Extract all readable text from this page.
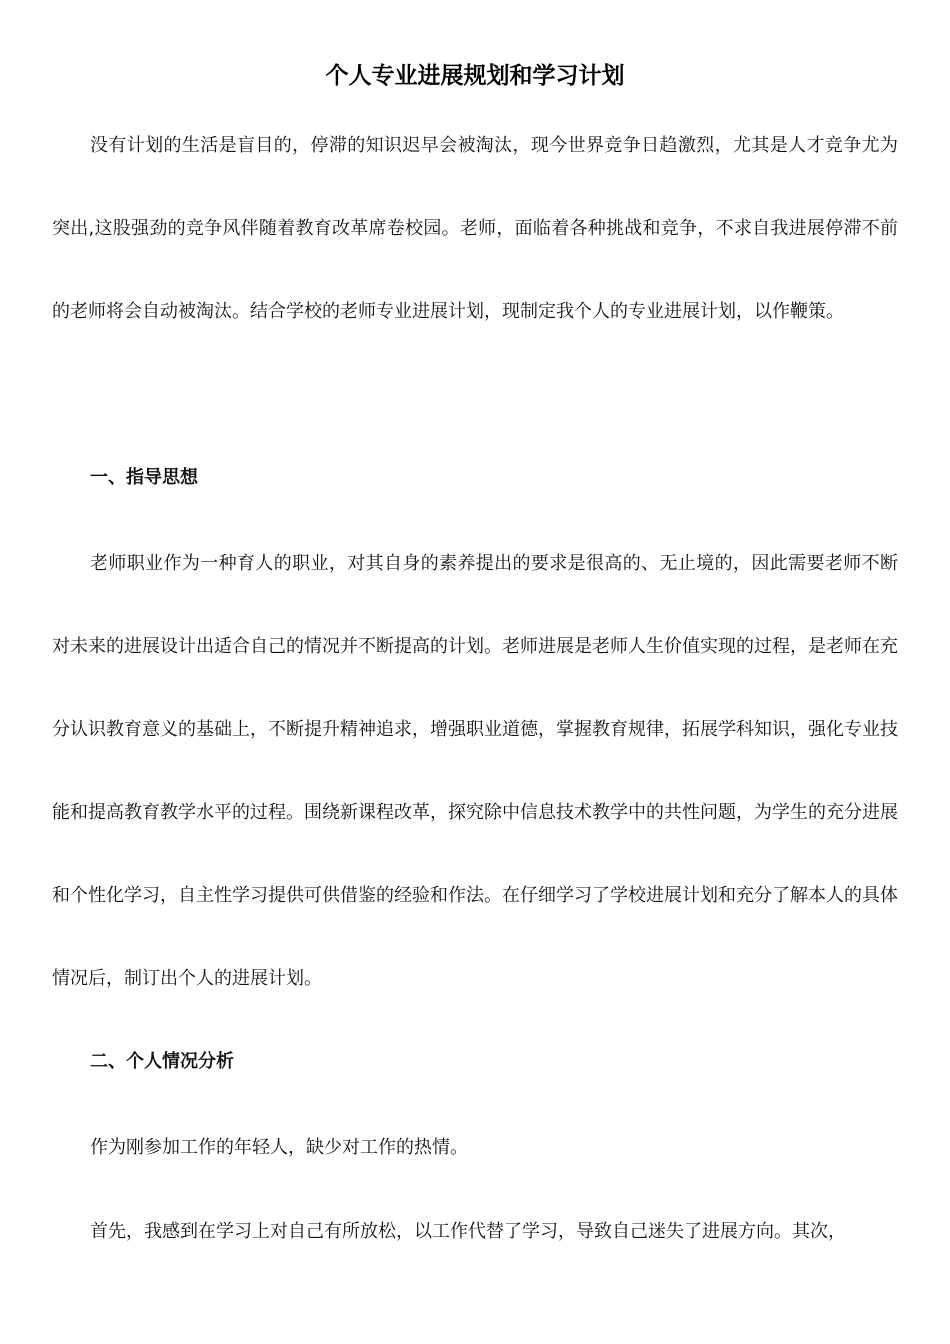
个人专业进展规划和学习计划

没有计划的生活是盲目的，停滞的知识迟早会被淘汰，现今世界竞争日趋激烈，尤其是人才竞争尤为突出,这股强劲的竞争风伴随着教育改革席卷校园。老师，面临着各种挑战和竞争，不求自我进展停滞不前的老师将会自动被淘汰。结合学校的老师专业进展计划，现制定我个人的专业进展计划，以作鞭策。

一、指导思想

老师职业作为一种育人的职业，对其自身的素养提出的要求是很高的、无止境的，因此需要老师不断对未来的进展设计出适合自己的情况并不断提高的计划。老师进展是老师人生价值实现的过程，是老师在充分认识教育意义的基础上，不断提升精神追求，增强职业道德，掌握教育规律，拓展学科知识，强化专业技能和提高教育教学水平的过程。围绕新课程改革，探究除中信息技术教学中的共性问题，为学生的充分进展和个性化学习，自主性学习提供可供借鉴的经验和作法。在仔细学习了学校进展计划和充分了解本人的具体情况后，制订出个人的进展计划。

二、个人情况分析

作为刚参加工作的年轻人，缺少对工作的热情。

首先，我感到在学习上对自己有所放松，以工作代替了学习，导致自己迷失了进展方向。其次，
